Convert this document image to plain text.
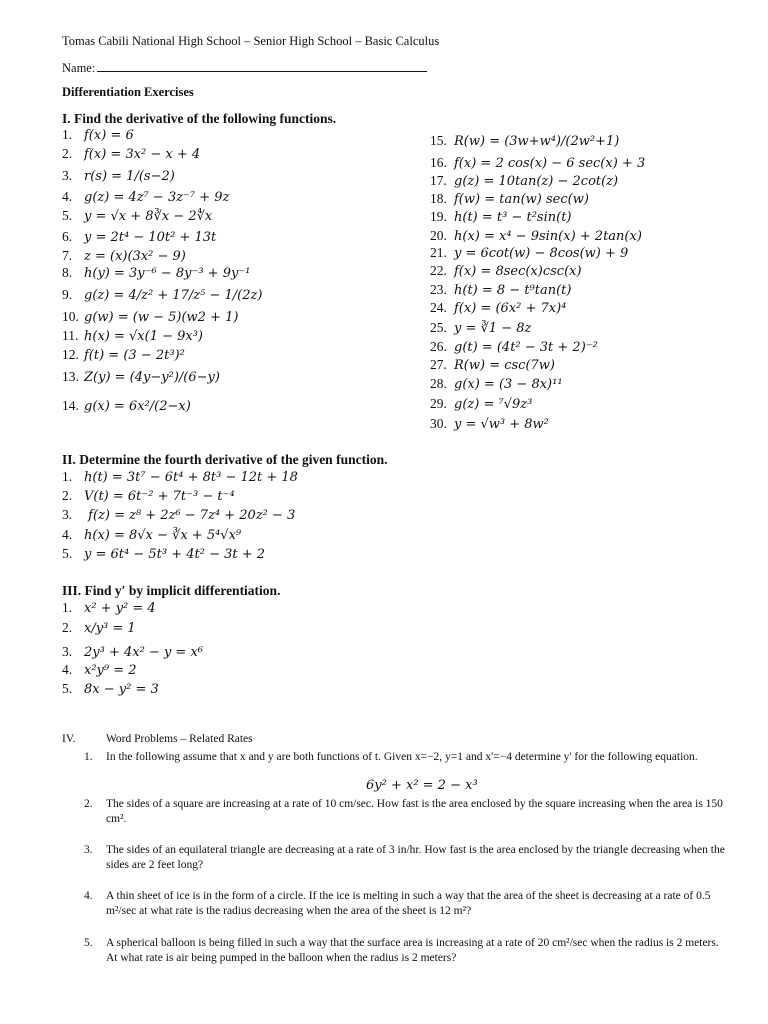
Tomas Cabili National High School – Senior High School – Basic Calculus
Name:
Differentiation Exercises
I. Find the derivative of the following functions.
1. f(x) = 6
2. f(x) = 3x² − x + 4
3. r(s) = 1/(s−2)
4. g(z) = 4z⁷ − 3z⁻⁷ + 9z
5. y = √x + 8∛x − 2∜x
6. y = 2t⁴ − 10t² + 13t
7. z = (x)(3x² − 9)
8. h(y) = 3y⁻⁶ − 8y⁻³ + 9y⁻¹
9. g(z) = 4/z² + 17/z⁵ − 1/(2z)
10. g(w) = (w − 5)(w2 + 1)
11. h(x) = √x(1 − 9x³)
12. f(t) = (3 − 2t³)²
13. Z(y) = (4y−y²)/(6−y)
14. g(x) = 6x²/(2−x)
15. R(w) = (3w+w⁴)/(2w²+1)
16. f(x) = 2 cos(x) − 6 sec(x) + 3
17. g(z) = 10tan(z) − 2cot(z)
18. f(w) = tan(w) sec(w)
19. h(t) = t³ − t²sin(t)
20. h(x) = x⁴ − 9sin(x) + 2tan(x)
21. y = 6cot(w) − 8cos(w) + 9
22. f(x) = 8sec(x)csc(x)
23. h(t) = 8 − t⁹tan(t)
24. f(x) = (6x² + 7x)⁴
25. y = ∛1 − 8z
26. g(t) = (4t² − 3t + 2)⁻²
27. R(w) = csc(7w)
28. g(x) = (3 − 8x)¹¹
29. g(z) = ⁷√9z³
30. y = √w³ + 8w²
II. Determine the fourth derivative of the given function.
1. h(t) = 3t⁷ − 6t⁴ + 8t³ − 12t + 18
2. V(t) = 6t⁻² + 7t⁻³ − t⁻⁴
3. f(z) = z⁸ + 2z⁶ − 7z⁴ + 20z² − 3
4. h(x) = 8√x − ∛x + 5⁴√x⁹
5. y = 6t⁴ − 5t³ + 4t² − 3t + 2
III. Find y′ by implicit differentiation.
1. x² + y² = 4
2. x/y³ = 1
3. 2y³ + 4x² − y = x⁶
4. x²y⁹ = 2
5. 8x − y² = 3
IV.	Word Problems – Related Rates
1. In the following assume that x and y are both functions of t. Given x=−2, y=1 and x'=−4 determine y' for the following equation.
2. The sides of a square are increasing at a rate of 10 cm/sec. How fast is the area enclosed by the square increasing when the area is 150 cm².
3. The sides of an equilateral triangle are decreasing at a rate of 3 in/hr. How fast is the area enclosed by the triangle decreasing when the sides are 2 feet long?
4. A thin sheet of ice is in the form of a circle. If the ice is melting in such a way that the area of the sheet is decreasing at a rate of 0.5 m²/sec at what rate is the radius decreasing when the area of the sheet is 12 m²?
5. A spherical balloon is being filled in such a way that the surface area is increasing at a rate of 20 cm²/sec when the radius is 2 meters. At what rate is air being pumped in the balloon when the radius is 2 meters?
6y² + x² = 2 − x³
